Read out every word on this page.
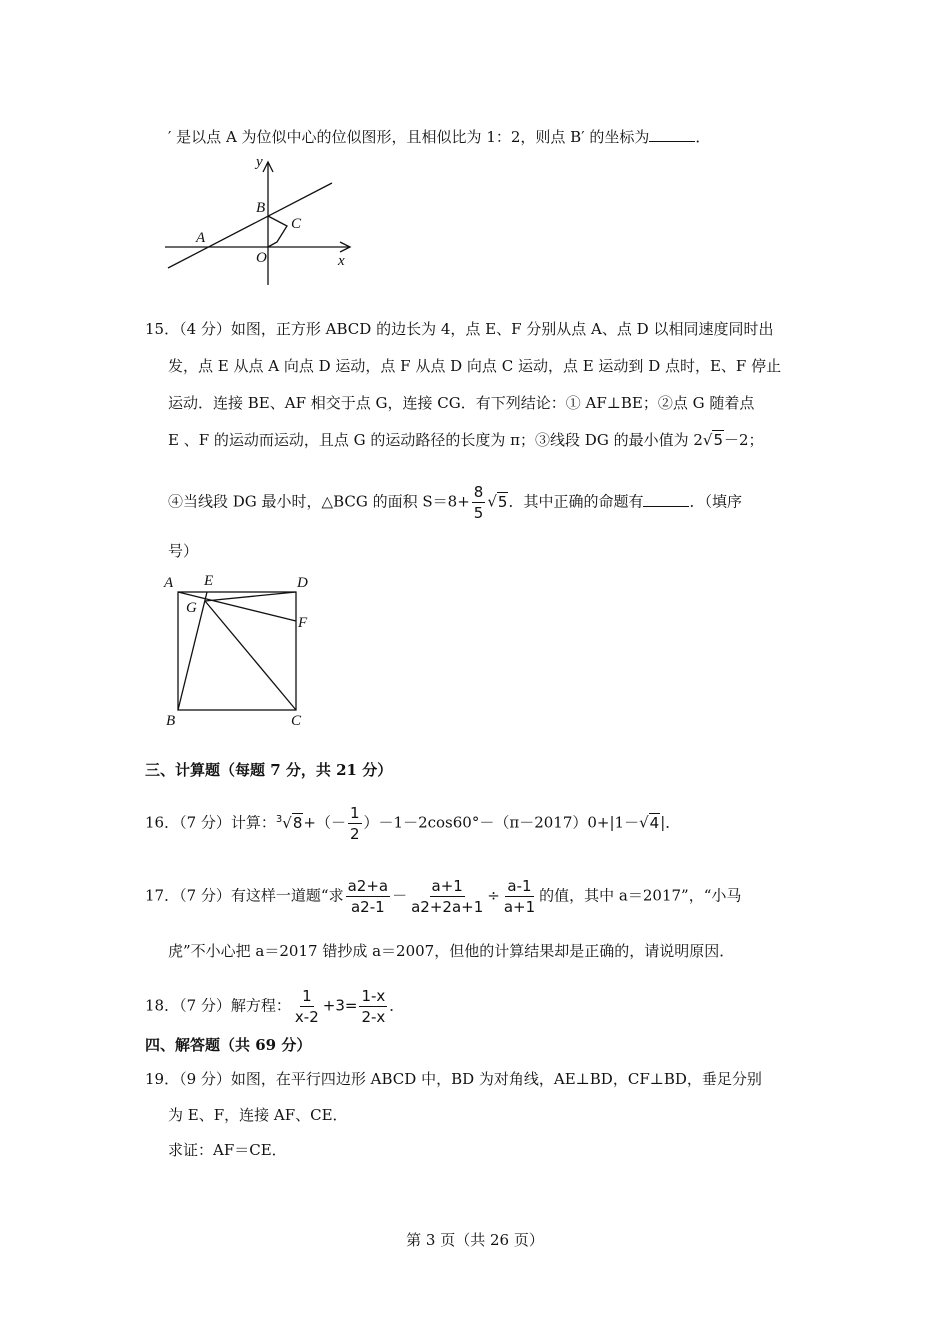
′ 是以点 A 为位似中心的位似图形，且相似比为 1：2，则点 B′ 的坐标为	．
y
B
C
A
O	x
15．（4 分）如图，正方形 ABCD 的边长为 4，点 E、F 分别从点 A、点 D 以相同速度同时出
发，点 E 从点 A 向点 D 运动，点 F 从点 D 向点 C 运动，点 E 运动到 D 点时，E、F 停止
运动．连接 BE、AF 相交于点 G，连接 CG．有下列结论：① AF⊥BE；②点 G 随着点
E 、F 的运动而运动，且点 G 的运动路径的长度为 π；③线段 DG 的最小值为 2√5－2；
④当线段 DG 最小时，△BCG 的面积 $S=8+ \frac{8}{5} √5$．其中正确的命题有	．（填序
号）
A E	D
G
F
B	C
三、计算题（每题 7 分，共 21 分）
16．（7 分）计算：$^3√8+(- \frac{1}{2} )-1-2\cos 60^\circ-(\pi-2017)0+|1-√4|$．
17．（7 分）有这样一道题“求 $\frac{a2+a}{a2-1} - \frac{a+1}{a2+2a+1} \div \frac{a-1}{a+1}$ 的值，其中 a＝2017”，“小马
虎”不小心把 a＝2017 错抄成 a＝2007，但他的计算结果却是正确的，请说明原因．
18．（7 分）解方程： $\frac{1}{x-2} +3= \frac{1-x}{2-x}$ ．
四、解答题（共 69 分）
19．（9 分）如图，在平行四边形 ABCD 中，BD 为对角线，AE⊥BD，CF⊥BD，垂足分别
为 E、F，连接 AF、CE．
求证：AF＝CE．
第 3 页（共 26 页）
